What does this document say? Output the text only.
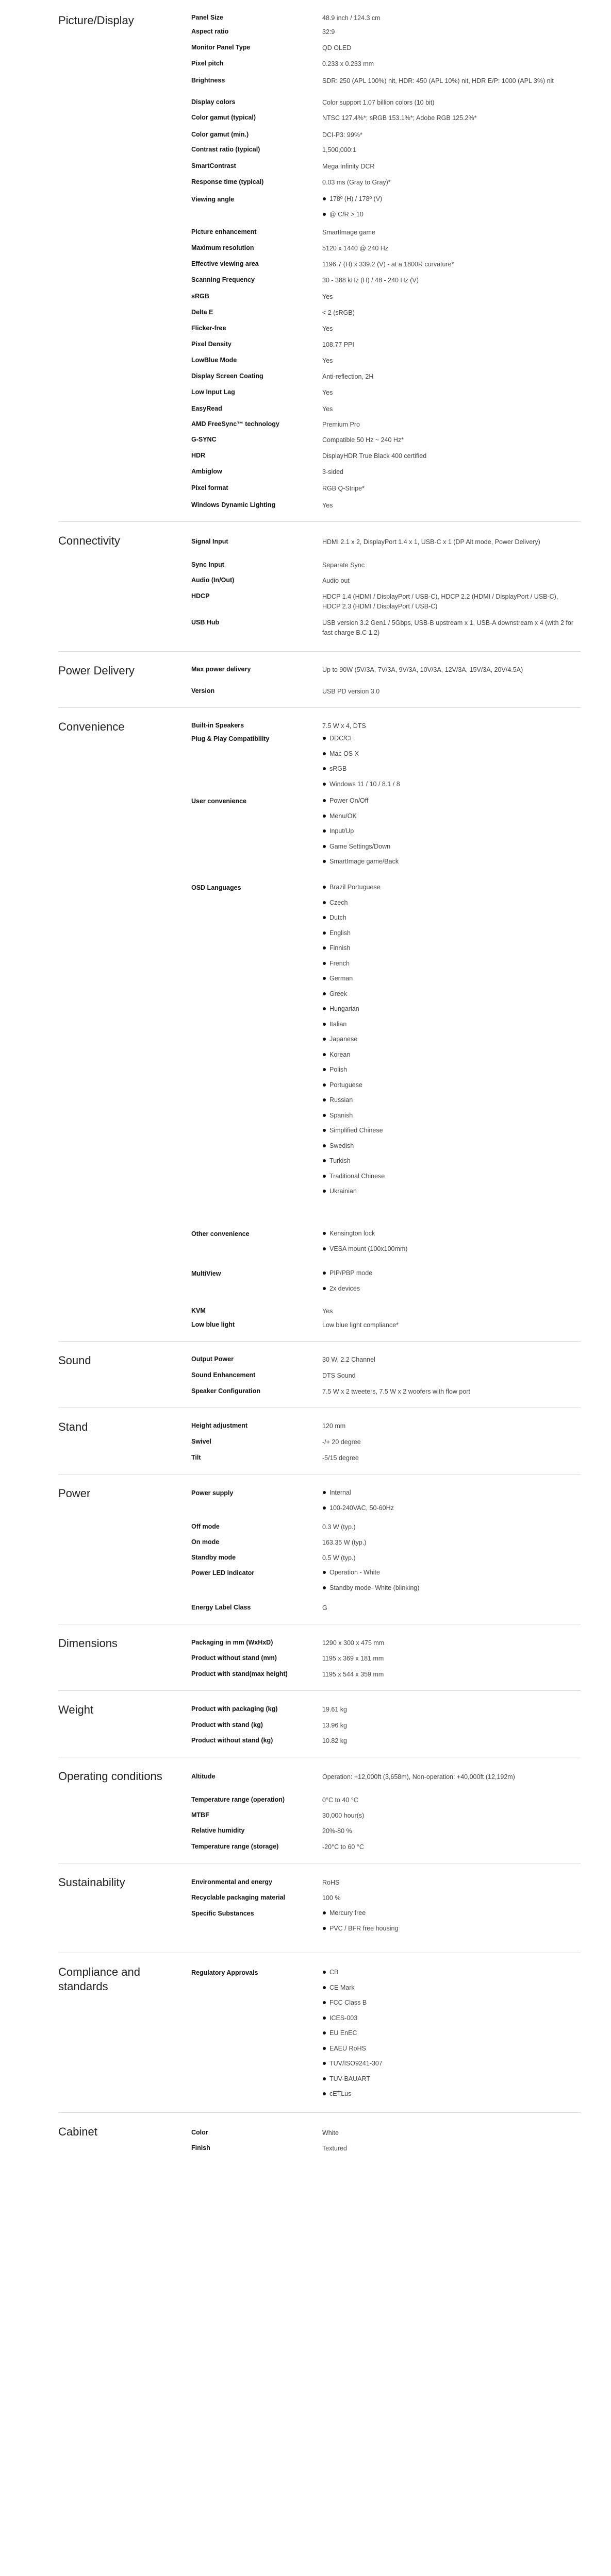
Picture/Display	Panel Size	48.9 inch / 124.3 cm
Aspect ratio	32:9
Monitor Panel Type	QD OLED
Pixel pitch	0.233 x 0.233 mm
Brightness	SDR: 250 (APL 100%) nit, HDR: 450 (APL 10%) nit, HDR E/P: 1000 (APL 3%) nit
Display colors	Color support 1.07 billion colors (10 bit)
Color gamut (typical)	NTSC 127.4%*; sRGB 153.1%*; Adobe RGB 125.2%*
Color gamut (min.)	DCI-P3: 99%*
Contrast ratio (typical)	1,500,000:1
SmartContrast	Mega Infinity DCR
Response time (typical)	0.03 ms (Gray to Gray)*
Viewing angle	178º (H) / 178º (V)
@ C/R > 10
Picture enhancement	SmartImage game
Maximum resolution	5120 x 1440 @ 240 Hz
Effective viewing area	1196.7 (H) x 339.2 (V) - at a 1800R curvature*
Scanning Frequency	30 - 388 kHz (H) / 48 - 240 Hz (V)
sRGB	Yes
Delta E	< 2 (sRGB)
Flicker-free	Yes
Pixel Density	108.77 PPI
LowBlue Mode	Yes
Display Screen Coating	Anti-reflection, 2H
Low Input Lag	Yes
EasyRead	Yes
AMD FreeSync™ technology	Premium Pro
G-SYNC	Compatible 50 Hz ~ 240 Hz*
HDR	DisplayHDR True Black 400 certified
Ambiglow	3-sided
Pixel format	RGB Q-Stripe*
Windows Dynamic Lighting	Yes
Connectivity	Signal Input	HDMI 2.1 x 2, DisplayPort 1.4 x 1, USB-C x 1 (DP Alt mode, Power Delivery)
Sync Input	Separate Sync
Audio (In/Out)	Audio out
HDCP	HDCP 1.4 (HDMI / DisplayPort / USB-C), HDCP 2.2 (HDMI / DisplayPort / USB-C), HDCP 2.3 (HDMI / DisplayPort / USB-C)
USB Hub	USB version 3.2 Gen1 / 5Gbps, USB-B upstream x 1, USB-A downstream x 4 (with 2 for fast charge B.C 1.2)
Power Delivery	Max power delivery	Up to 90W (5V/3A, 7V/3A, 9V/3A, 10V/3A, 12V/3A, 15V/3A, 20V/4.5A)
Version	USB PD version 3.0
Convenience	Built-in Speakers	7.5 W x 4, DTS
Plug & Play Compatibility	DDC/CI
Mac OS X
sRGB
Windows 11 / 10 / 8.1 / 8
User convenience	Power On/Off
Menu/OK
Input/Up
Game Settings/Down
SmartImage game/Back
OSD Languages	Brazil Portuguese
Czech
Dutch
English
Finnish
French
German
Greek
Hungarian
Italian
Japanese
Korean
Polish
Portuguese
Russian
Spanish
Simplified Chinese
Swedish
Turkish
Traditional Chinese
Ukrainian
Other convenience	Kensington lock
VESA mount (100x100mm)
MultiView	PIP/PBP mode
2x devices
KVM	Yes
Low blue light	Low blue light compliance*
Sound	Output Power	30 W, 2.2 Channel
Sound Enhancement	DTS Sound
Speaker Configuration	7.5 W x 2 tweeters, 7.5 W x 2 woofers with flow port
Stand	Height adjustment	120 mm
Swivel	-/+ 20 degree
Tilt	-5/15 degree
Power	Power supply	Internal
100-240VAC, 50-60Hz
Off mode	0.3 W (typ.)
On mode	163.35 W (typ.)
Standby mode	0.5 W (typ.)
Power LED indicator	Operation - White
Standby mode- White (blinking)
Energy Label Class	G
Dimensions	Packaging in mm (WxHxD)	1290 x 300 x 475 mm
Product without stand (mm)	1195 x 369 x 181 mm
Product with stand(max height)	1195 x 544 x 359 mm
Weight	Product with packaging (kg)	19.61 kg
Product with stand (kg)	13.96 kg
Product without stand (kg)	10.82 kg
Operating conditions	Altitude	Operation: +12,000ft (3,658m), Non-operation: +40,000ft (12,192m)
Temperature range (operation)	0°C to 40 °C
MTBF	30,000 hour(s)
Relative humidity	20%-80 %
Temperature range (storage)	-20°C to 60 °C
Sustainability	Environmental and energy	RoHS
Recyclable packaging material	100 %
Specific Substances	Mercury free
PVC / BFR free housing
Compliance and standards
Regulatory Approvals	CB
CE Mark
FCC Class B
ICES-003
EU EnEC
EAEU RoHS
TUV/ISO9241-307
TUV-BAUART
cETLus
Cabinet	Color	White
Finish	Textured
